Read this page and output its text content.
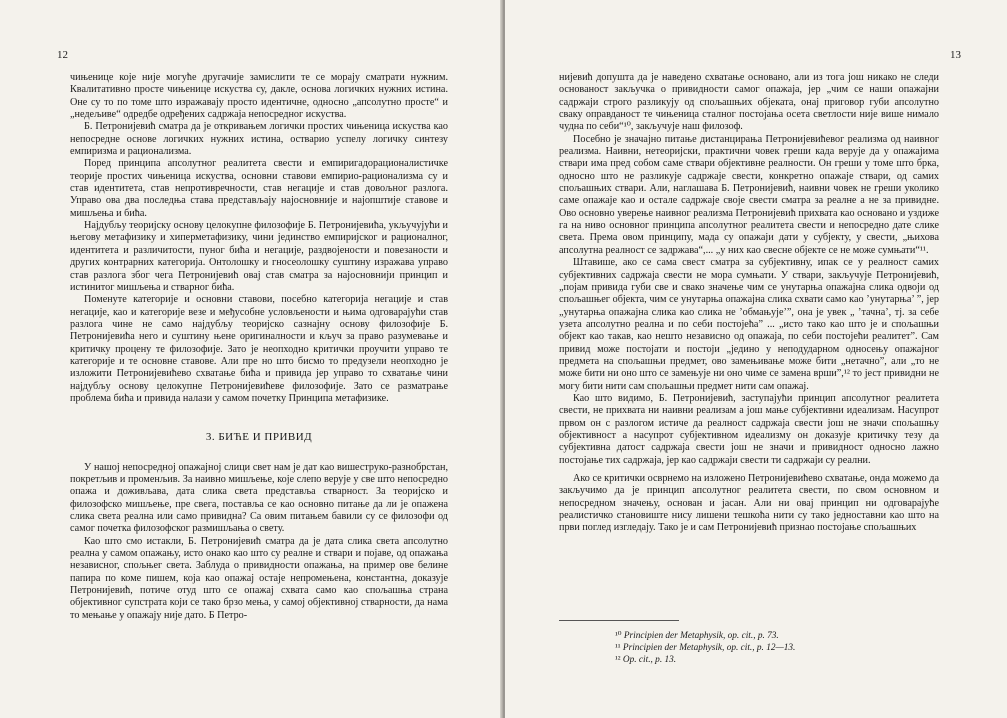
12

чињенице које није могуће другачије замислити те се морају сматрати нужним. Квалитативно просте чињенице искуства су, дакле, основа логичких нужних истина. Оне су то по томе што изражавају просто идентичне, односно „апсолутно просте“ и „недељиве“ одредбе одређених садржаја непосредног искуства.

Б. Петронијевић сматра да је откривањем логички простих чињеница искуства као непосредне основе логичких нужних истина, остварио успелу логичку синтезу емпиризма и рационализма.

Поред принципа апсолутног реалитета свести и емпиригадорационалистичке теорије простих чињеница искуства, основни ставови емпирио-рационализма су и став идентитета, став непротивречности, став негације и став довољног разлога. Управо ова два последња става представљају најосновније и најопштије ставове и мишљења и бића.

Најдубљу теоријску основу целокупне филозофије Б. Петронијевића, укључујући и његову метафизику и хиперметафизику, чини јединство емпиријског и рационалног, идентитета и различитости, пуног бића и негације, раздвојености и повезаности и других контрарних категорија. Онтолошку и гносеолошку суштину изражава управо став разлога због чега Петронијевић овај став сматра за најосновнији принцип и истинитог мишљења и стварног бића.

Поменуте категорије и основни ставови, посебно категорија негације и став негације, као и категорије везе и међусобне условљености и њима одговарајући став разлога чине не само најдубљу теоријско сазнајну основу филозофије Б. Петронијевића него и суштину њене оригиналности и кључ за право разумевање и критичку процену те филозофије. Зато је неопходно критички проучити управо те категорије и те основне ставове. Али пре но што бисмо то предузели неопходно је изложити Петронијевићево схватање бића и привида јер управо то схватање чини најдубљу основу целокупне Петронијевићеве филозофије. Зато се разматрање проблема бића и привида налази у самом почетку Принципа метафизике.

3. БИЋЕ И ПРИВИД

У нашој непосредној опажајној слици свет нам је дат као вишеструко-разнобрстан, покретљив и променљив. За наивно мишљење, које слепо верује у све што непосредно опажа и доживљава, дата слика света представља стварност. За теоријско и филозофско мишљење, пре свега, поставља се као основно питање да ли је опажена слика света реална или само привидна? Са овим питањем бавили су се филозофи од самог почетка филозофског размишљања о свету.

Као што смо истакли, Б. Петронијевић сматра да је дата слика света апсолутно реална у самом опажању, исто онако као што су реалне и ствари и појаве, од опажања независног, спољњег света. Заблуда о привидности опажања, на пример ове белине папира по коме пишем, која као опажај остаје непромењена, константна, доказује Петронијевић, потиче отуд што се опажај схвата само као спољашња страна објективног супстрата који се тако брзо мења, у самој објективној стварности, да нама то мењање у опажају није дато. Б Петро-

13

нијевић допушта да је наведено схватање основано, али из тога још никако не следи основаност закључка о привидности самог опажаја, јер „чим се наши опажајни садржаји строго разликују од спољашњих објеката, онај приговор губи апсолутно сваку оправданост те чињеница сталног постојања осета светлости није више нимало чудна по себи“¹⁰, закључује наш филозоф.

Посебно је значајно питање дистанцирања Петронијевићевог реализма од наивног реализма. Наивни, нетеоријски, практични човек греши када верује да у опажајима ствари има пред собом саме ствари објективне реалности. Он греши у томе што брка, односно што не разликује садржаје свести, конкретно опажаје ствари, од самих спољашњих ствари. Али, наглашава Б. Петронијевић, наивни човек не греши уколико саме опажаје као и остале садржаје своје свести сматра за реалне а не за привидне. Ово основно уверење наивног реализма Петронијевић прихвата као основано и уздиже га на ниво основног принципа апсолутног реалитета свести и непосредно дате слике света. Према овом принципу, мада су опажаји дати у субјекту, у свести, „њихова апсолутна реалност се задржава“,... „у них као свесне објекте се не може сумњати“¹¹.

Штавише, ако се сама свест сматра за субјективну, ипак се у реалност самих субјективних садржаја свести не мора сумњати. У ствари, закључује Петронијевић, „појам привида губи све и свако значење чим се унутарња опажајна слика одвоји од спољашњег објекта, чим се унутарња опажајна слика схвати само као ’унутарња’ ”, јер „унутарња опажајна слика као слика не ’обмањује’”, она је увек „ ’тачна’, тј. за себе узета апсолутно реална и по себи постојећа” ... „исто тако као што је и спољашњи објект као такав, као нешто независно од опажаја, по себи постојећи реалитет”. Сам привид може постојати и постоји „једино у неподударном односењу опажајног предмета на спољашњи предмет, ово замењивање може бити „нетачно”, али „то не може бити ни оно што се замењује ни оно чиме се замена врши”,¹² то јест привидни не могу бити нити сам спољашњи предмет нити сам опажај.

Као што видимо, Б. Петронијевић, заступајући принцип апсолутног реалитета свести, не прихвата ни наивни реализам а још мање субјективни идеализам. Насупрот првом он с разлогом истиче да реалност садржаја свести још не значи спољашњу објективност а насупрот субјективном идеализму он доказује критичку тезу да субјективна датост садржаја свести још не значи и привидност односно лажно постојање тих садржаја, јер као садржаји свести ти садржаји су реални.

Ако се критички осврнемо на изложено Петронијевићево схватање, онда можемо да закључимо да је принцип апсолутног реалитета свести, по свом основном и непосредном значењу, основан и јасан. Али ни овај принцип ни одговарајуће реалистичко становиште нису лишени тешкоћа нити су тако једноставни као што на први поглед изгледају. Тако је и сам Петронијевић признао постојање спољашњих

¹⁰ Principien der Metaphysik, op. cit., p. 73.
¹¹ Principien der Metaphysik, op. cit., p. 12—13.
¹² Op. cit., p. 13.
